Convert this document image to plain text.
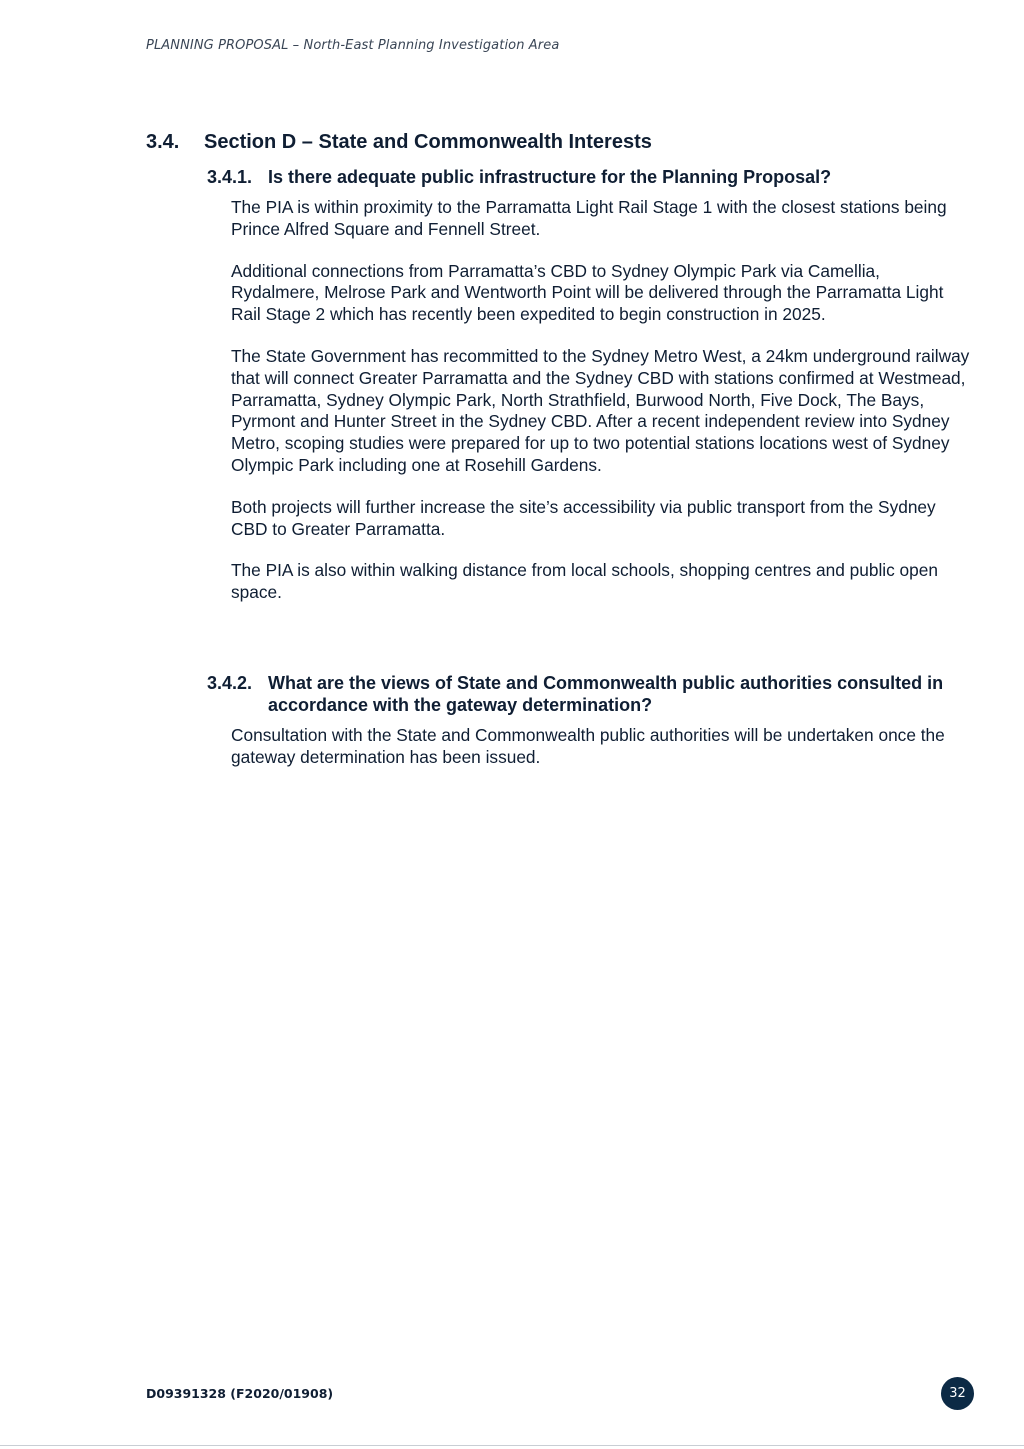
PLANNING PROPOSAL – North-East Planning Investigation Area
3.4. Section D – State and Commonwealth Interests
3.4.1. Is there adequate public infrastructure for the Planning Proposal?

The PIA is within proximity to the Parramatta Light Rail Stage 1 with the closest stations being Prince Alfred Square and Fennell Street.

Additional connections from Parramatta’s CBD to Sydney Olympic Park via Camellia, Rydalmere, Melrose Park and Wentworth Point will be delivered through the Parramatta Light Rail Stage 2 which has recently been expedited to begin construction in 2025.

The State Government has recommitted to the Sydney Metro West, a 24km underground railway that will connect Greater Parramatta and the Sydney CBD with stations confirmed at Westmead, Parramatta, Sydney Olympic Park, North Strathfield, Burwood North, Five Dock, The Bays, Pyrmont and Hunter Street in the Sydney CBD. After a recent independent review into Sydney Metro, scoping studies were prepared for up to two potential stations locations west of Sydney Olympic Park including one at Rosehill Gardens.

Both projects will further increase the site’s accessibility via public transport from the Sydney CBD to Greater Parramatta.

The PIA is also within walking distance from local schools, shopping centres and public open space.

3.4.2. What are the views of State and Commonwealth public authorities consulted in accordance with the gateway determination?

Consultation with the State and Commonwealth public authorities will be undertaken once the gateway determination has been issued.

D09391328 (F2020/01908)	32
